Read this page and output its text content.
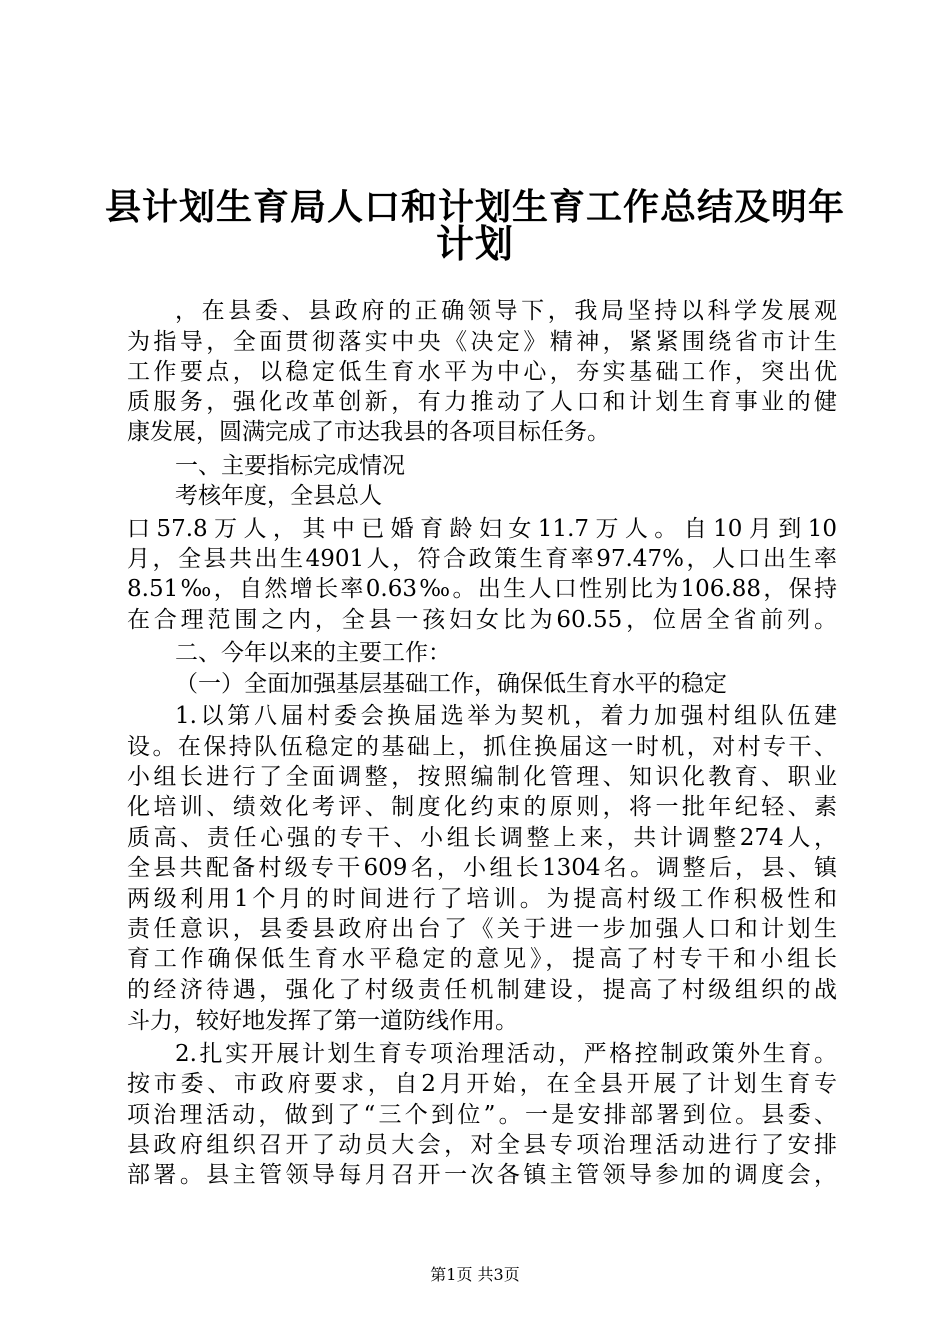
县计划生育局人口和计划生育工作总结及明年
计划
，在县委、县政府的正确领导下，我局坚持以科学发展观
为指导，全面贯彻落实中央《决定》精神，紧紧围绕省市计生
工作要点，以稳定低生育水平为中心，夯实基础工作，突出优
质服务，强化改革创新，有力推动了人口和计划生育事业的健
康发展，圆满完成了市达我县的各项目标任务。
一、主要指标完成情况
考核年度，全县总人
口57.8万人，其中已婚育龄妇女11.7万人。自10月到10
月，全县共出生4901人，符合政策生育率97.47%，人口出生率
8.51‰，自然增长率0.63‰。出生人口性别比为106.88，保持
在合理范围之内，全县一孩妇女比为60.55，位居全省前列。
二、今年以来的主要工作：
（一）全面加强基层基础工作，确保低生育水平的稳定
1.以第八届村委会换届选举为契机，着力加强村组队伍建
设。在保持队伍稳定的基础上，抓住换届这一时机，对村专干、
小组长进行了全面调整，按照编制化管理、知识化教育、职业
化培训、绩效化考评、制度化约束的原则，将一批年纪轻、素
质高、责任心强的专干、小组长调整上来，共计调整274人，
全县共配备村级专干609名，小组长1304名。调整后，县、镇
两级利用1个月的时间进行了培训。为提高村级工作积极性和
责任意识，县委县政府出台了《关于进一步加强人口和计划生
育工作确保低生育水平稳定的意见》，提高了村专干和小组长
的经济待遇，强化了村级责任机制建设，提高了村级组织的战
斗力，较好地发挥了第一道防线作用。
2.扎实开展计划生育专项治理活动，严格控制政策外生育。
按市委、市政府要求，自2月开始，在全县开展了计划生育专
项治理活动，做到了“三个到位”。一是安排部署到位。县委、
县政府组织召开了动员大会，对全县专项治理活动进行了安排
部署。县主管领导每月召开一次各镇主管领导参加的调度会，
第1页 共3页
